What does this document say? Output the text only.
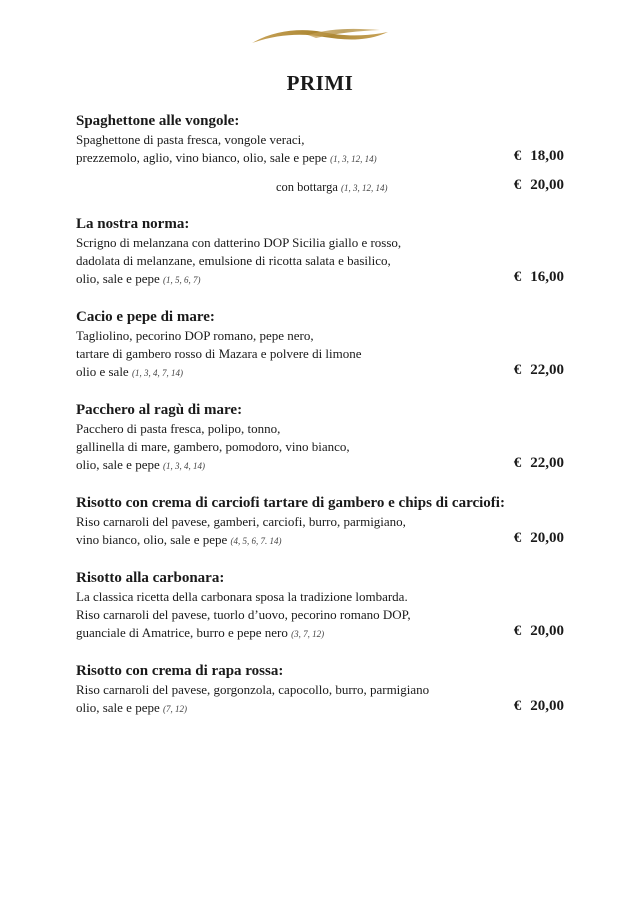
PRIMI
Spaghettone alle vongole:
Spaghettone di pasta fresca, vongole veraci,
prezzemolo, aglio, vino bianco, olio, sale e pepe (1, 3, 12, 14)	€ 18,00
con bottarga (1, 3, 12, 14)	€ 20,00
La nostra norma:
Scrigno di melanzana con datterino DOP Sicilia giallo e rosso,
dadolata di melanzane, emulsione di ricotta salata e basilico,
olio, sale e pepe (1, 5, 6, 7)	€ 16,00
Cacio e pepe di mare:
Tagliolino, pecorino DOP romano, pepe nero,
tartare di gambero rosso di Mazara e polvere di limone
olio e sale (1, 3, 4, 7, 14)	€ 22,00
Pacchero al ragù di mare:
Pacchero di pasta fresca, polipo, tonno,
gallinella di mare, gambero, pomodoro, vino bianco,
olio, sale e pepe (1, 3, 4, 14)	€ 22,00
Risotto con crema di carciofi tartare di gambero e chips di carciofi:
Riso carnaroli del pavese, gamberi, carciofi, burro, parmigiano,
vino bianco, olio, sale e pepe (4, 5, 6, 7. 14)	€ 20,00
Risotto alla carbonara:
La classica ricetta della carbonara sposa la tradizione lombarda.
Riso carnaroli del pavese, tuorlo d’uovo, pecorino romano DOP,
guanciale di Amatrice, burro e pepe nero (3, 7, 12)	€ 20,00
Risotto con crema di rapa rossa:
Riso carnaroli del pavese, gorgonzola, capocollo, burro, parmigiano
olio, sale e pepe (7, 12)	€ 20,00
